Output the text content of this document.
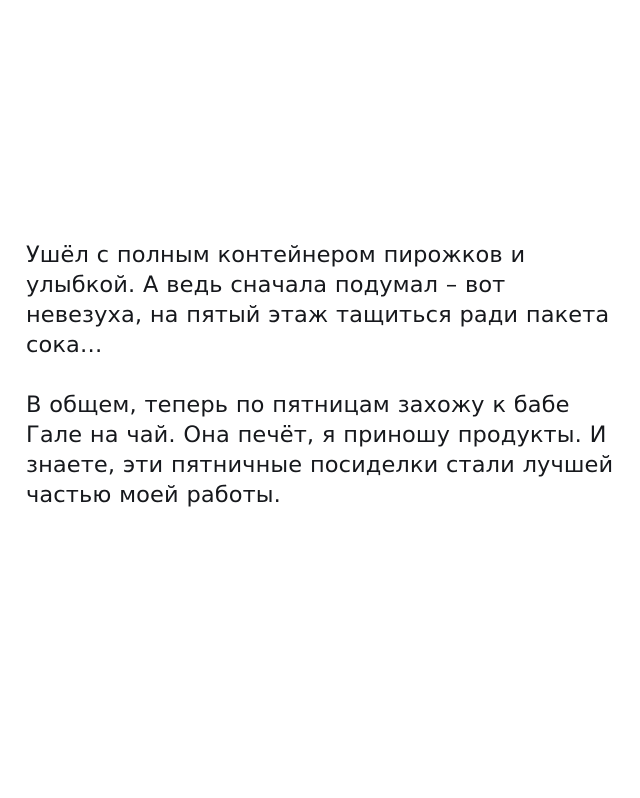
Ушёл с полным контейнером пирожков и улыбкой. А ведь сначала подумал – вот невезуха, на пятый этаж тащиться ради пакета сока…

В общем, теперь по пятницам захожу к бабе Гале на чай. Она печёт, я приношу продукты. И знаете, эти пятничные посиделки стали лучшей частью моей работы.
